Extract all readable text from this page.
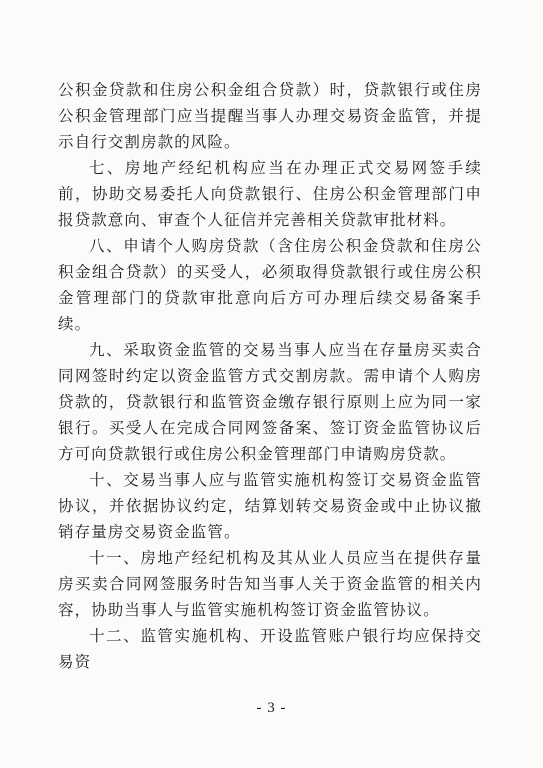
公积金贷款和住房公积金组合贷款）时，贷款银行或住房公积金管理部门应当提醒当事人办理交易资金监管，并提示自行交割房款的风险。

七、房地产经纪机构应当在办理正式交易网签手续前，协助交易委托人向贷款银行、住房公积金管理部门申报贷款意向、审查个人征信并完善相关贷款审批材料。

八、申请个人购房贷款（含住房公积金贷款和住房公积金组合贷款）的买受人，必须取得贷款银行或住房公积金管理部门的贷款审批意向后方可办理后续交易备案手续。

九、采取资金监管的交易当事人应当在存量房买卖合同网签时约定以资金监管方式交割房款。需申请个人购房贷款的，贷款银行和监管资金缴存银行原则上应为同一家银行。买受人在完成合同网签备案、签订资金监管协议后方可向贷款银行或住房公积金管理部门申请购房贷款。

十、交易当事人应与监管实施机构签订交易资金监管协议，并依据协议约定，结算划转交易资金或中止协议撤销存量房交易资金监管。

十一、房地产经纪机构及其从业人员应当在提供存量房买卖合同网签服务时告知当事人关于资金监管的相关内容，协助当事人与监管实施机构签订资金监管协议。

十二、监管实施机构、开设监管账户银行均应保持交易资

- 3 -
